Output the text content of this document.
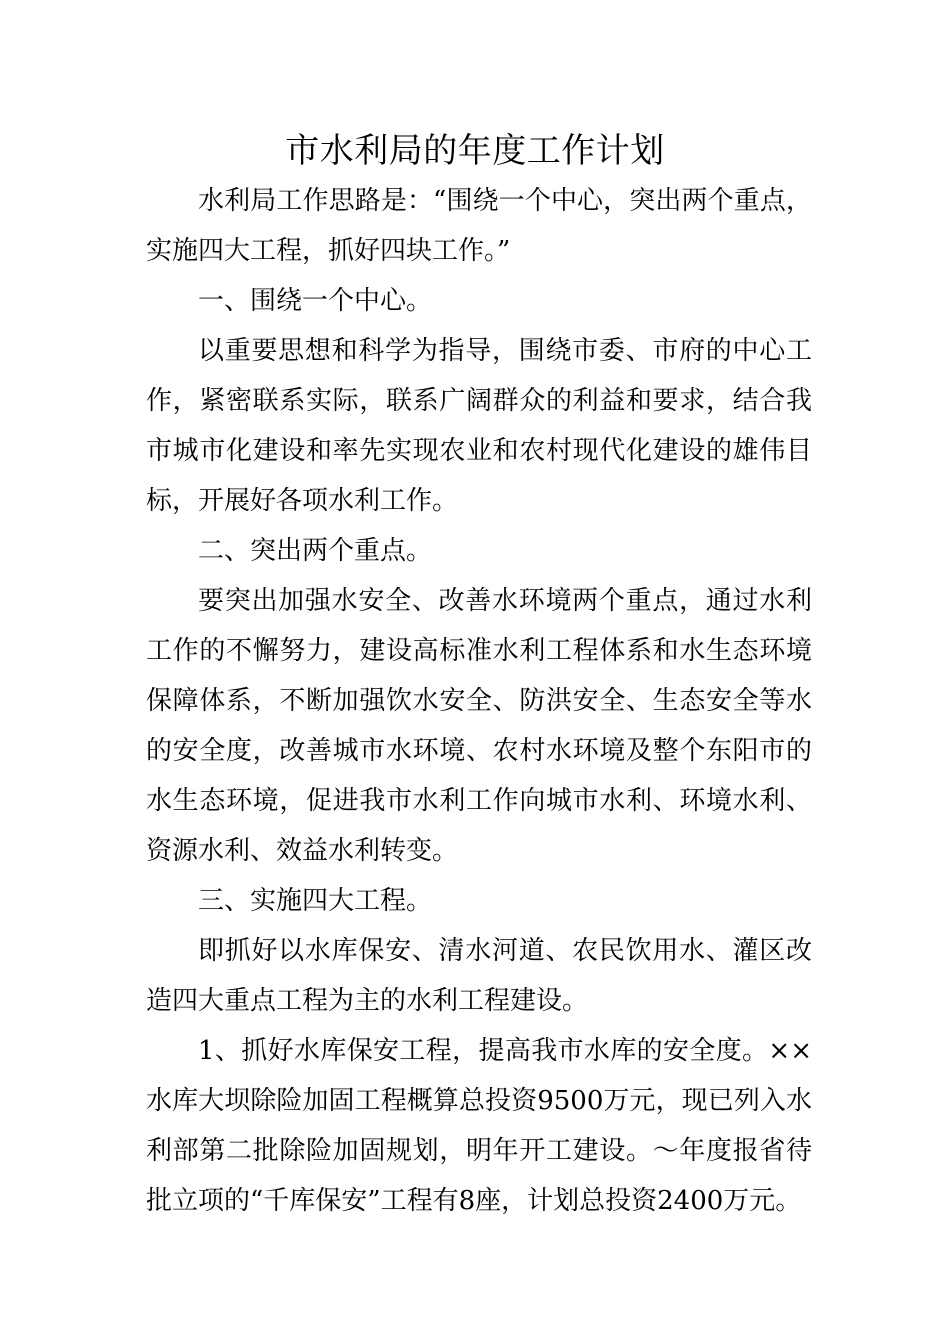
市水利局的年度工作计划

水利局工作思路是：“围绕一个中心，突出两个重点，实施四大工程，抓好四块工作。”

一、围绕一个中心。

以重要思想和科学为指导，围绕市委、市府的中心工作，紧密联系实际，联系广阔群众的利益和要求，结合我市城市化建设和率先实现农业和农村现代化建设的雄伟目标，开展好各项水利工作。

二、突出两个重点。

要突出加强水安全、改善水环境两个重点，通过水利工作的不懈努力，建设高标准水利工程体系和水生态环境保障体系，不断加强饮水安全、防洪安全、生态安全等水的安全度，改善城市水环境、农村水环境及整个东阳市的水生态环境，促进我市水利工作向城市水利、环境水利、资源水利、效益水利转变。

三、实施四大工程。

即抓好以水库保安、清水河道、农民饮用水、灌区改造四大重点工程为主的水利工程建设。

1、抓好水库保安工程，提高我市水库的安全度。××水库大坝除险加固工程概算总投资9500万元，现已列入水利部第二批除险加固规划，明年开工建设。～年度报省待批立项的“千库保安”工程有8座，计划总投资2400万元。
